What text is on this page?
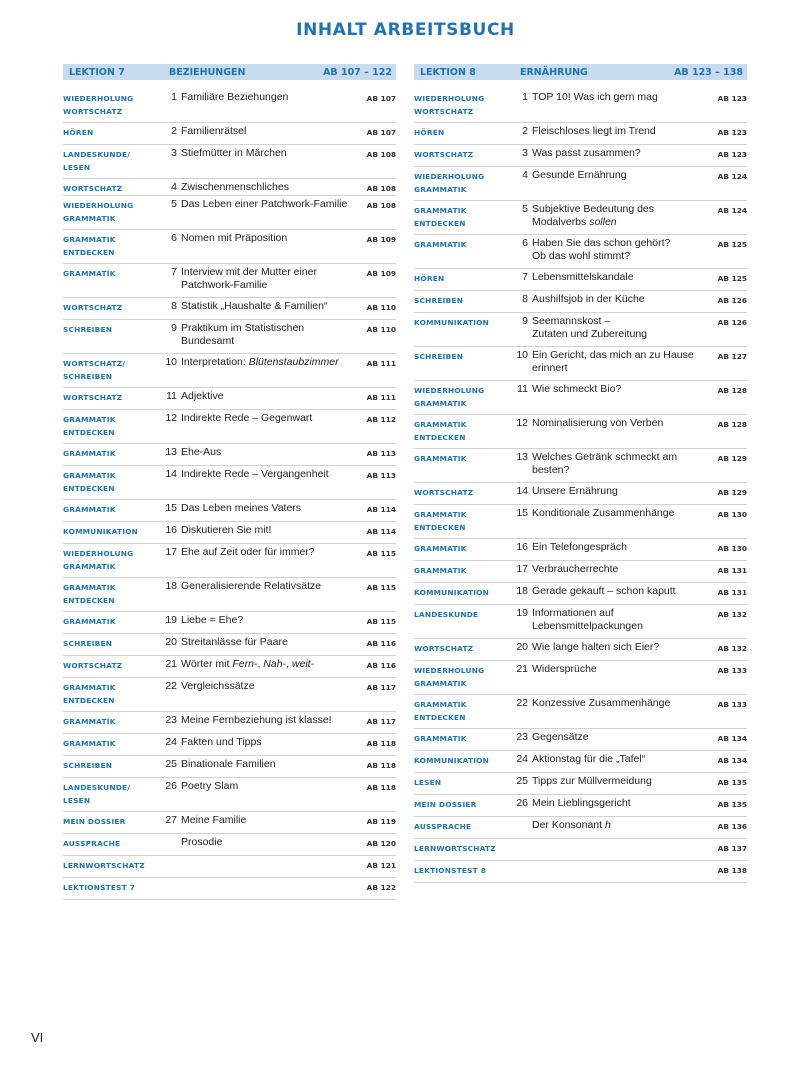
INHALT ARBEITSBUCH
LEKTION 7	BEZIEHUNGEN	AB 107 – 122
WIEDERHOLUNG
WORTSCHATZ
1 Familiäre Beziehungen	AB 107
HÖREN	2 Familienrätsel	AB 107
LANDESKUNDE/
LESEN
3 Stiefmütter in Märchen	AB 108
WORTSCHATZ	4 Zwischenmenschliches	AB 108
WIEDERHOLUNG
GRAMMATIK
5 Das Leben einer Patchwork-Familie	AB 108
GRAMMATIK
ENTDECKEN
6 Nomen mit Präposition	AB 109
GRAMMATIK	7 Interview mit der Mutter einer
Patchwork-Familie
AB 109
WORTSCHATZ	8 Statistik „Haushalte & Familien“	AB 110
SCHREIBEN	9 Praktikum im Statistischen
Bundesamt
AB 110
WORTSCHATZ/
SCHREIBEN
10 Interpretation: Blütenstaubzimmer	AB 111
WORTSCHATZ	11 Adjektive	AB 111
GRAMMATIK
ENTDECKEN
12 Indirekte Rede – Gegenwart	AB 112
GRAMMATIK	13 Ehe-Aus	AB 113
GRAMMATIK
ENTDECKEN
14 Indirekte Rede – Vergangenheit	AB 113
GRAMMATIK	15 Das Leben meines Vaters	AB 114
KOMMUNIKATION	16 Diskutieren Sie mit!	AB 114
WIEDERHOLUNG
GRAMMATIK
17 Ehe auf Zeit oder für immer?	AB 115
GRAMMATIK
ENTDECKEN
18 Generalisierende Relativsätze	AB 115
GRAMMATIK	19 Liebe = Ehe?	AB 115
SCHREIBEN	20 Streitanlässe für Paare	AB 116
WORTSCHATZ	21 Wörter mit Fern-, Nah-, weit-	AB 116
GRAMMATIK
ENTDECKEN
22 Vergleichssätze	AB 117
GRAMMATIK	23 Meine Fernbeziehung ist klasse!	AB 117
GRAMMATIK	24 Fakten und Tipps	AB 118
SCHREIBEN	25 Binationale Familien	AB 118
LANDESKUNDE/
LESEN
26 Poetry Slam	AB 118
MEIN DOSSIER	27 Meine Familie	AB 119
AUSSPRACHE	Prosodie	AB 120
LERNWORTSCHATZ	AB 121
LEKTIONSTEST 7	AB 122
LEKTION 8	ERNÄHRUNG	AB 123 – 138
WIEDERHOLUNG
WORTSCHATZ
1 TOP 10! Was ich gern mag	AB 123
HÖREN	2 Fleischloses liegt im Trend	AB 123
WORTSCHATZ	3 Was passt zusammen?	AB 123
WIEDERHOLUNG
GRAMMATIK
4 Gesunde Ernährung	AB 124
GRAMMATIK
ENTDECKEN
5 Subjektive Bedeutung des
Modalverbs sollen
AB 124
GRAMMATIK	6 Haben Sie das schon gehört?
Ob das wohl stimmt?
AB 125
HÖREN	7 Lebensmittelskandale	AB 125
SCHREIBEN	8 Aushilfsjob in der Küche	AB 126
KOMMUNIKATION	9 Seemannskost –
Zutaten und Zubereitung
AB 126
SCHREIBEN	10 Ein Gericht, das mich an zu Hause
erinnert
AB 127
WIEDERHOLUNG
GRAMMATIK
11 Wie schmeckt Bio?	AB 128
GRAMMATIK
ENTDECKEN
12 Nominalisierung von Verben	AB 128
GRAMMATIK	13 Welches Getränk schmeckt am
besten?
AB 129
WORTSCHATZ	14 Unsere Ernährung	AB 129
GRAMMATIK
ENTDECKEN
15 Konditionale Zusammenhänge	AB 130
GRAMMATIK	16 Ein Telefongespräch	AB 130
GRAMMATIK	17 Verbraucherrechte	AB 131
KOMMUNIKATION	18 Gerade gekauft – schon kaputt	AB 131
LANDESKUNDE	19 Informationen auf
Lebensmittelpackungen
AB 132
WORTSCHATZ	20 Wie lange halten sich Eier?	AB 132
WIEDERHOLUNG
GRAMMATIK
21 Widersprüche	AB 133
GRAMMATIK
ENTDECKEN
22 Konzessive Zusammenhänge	AB 133
GRAMMATIK	23 Gegensätze	AB 134
KOMMUNIKATION	24 Aktionstag für die „Tafel“	AB 134
LESEN	25 Tipps zur Müllvermeidung	AB 135
MEIN DOSSIER	26 Mein Lieblingsgericht	AB 135
AUSSPRACHE	Der Konsonant h	AB 136
LERNWORTSCHATZ	AB 137
LEKTIONSTEST 8	AB 138
VI
